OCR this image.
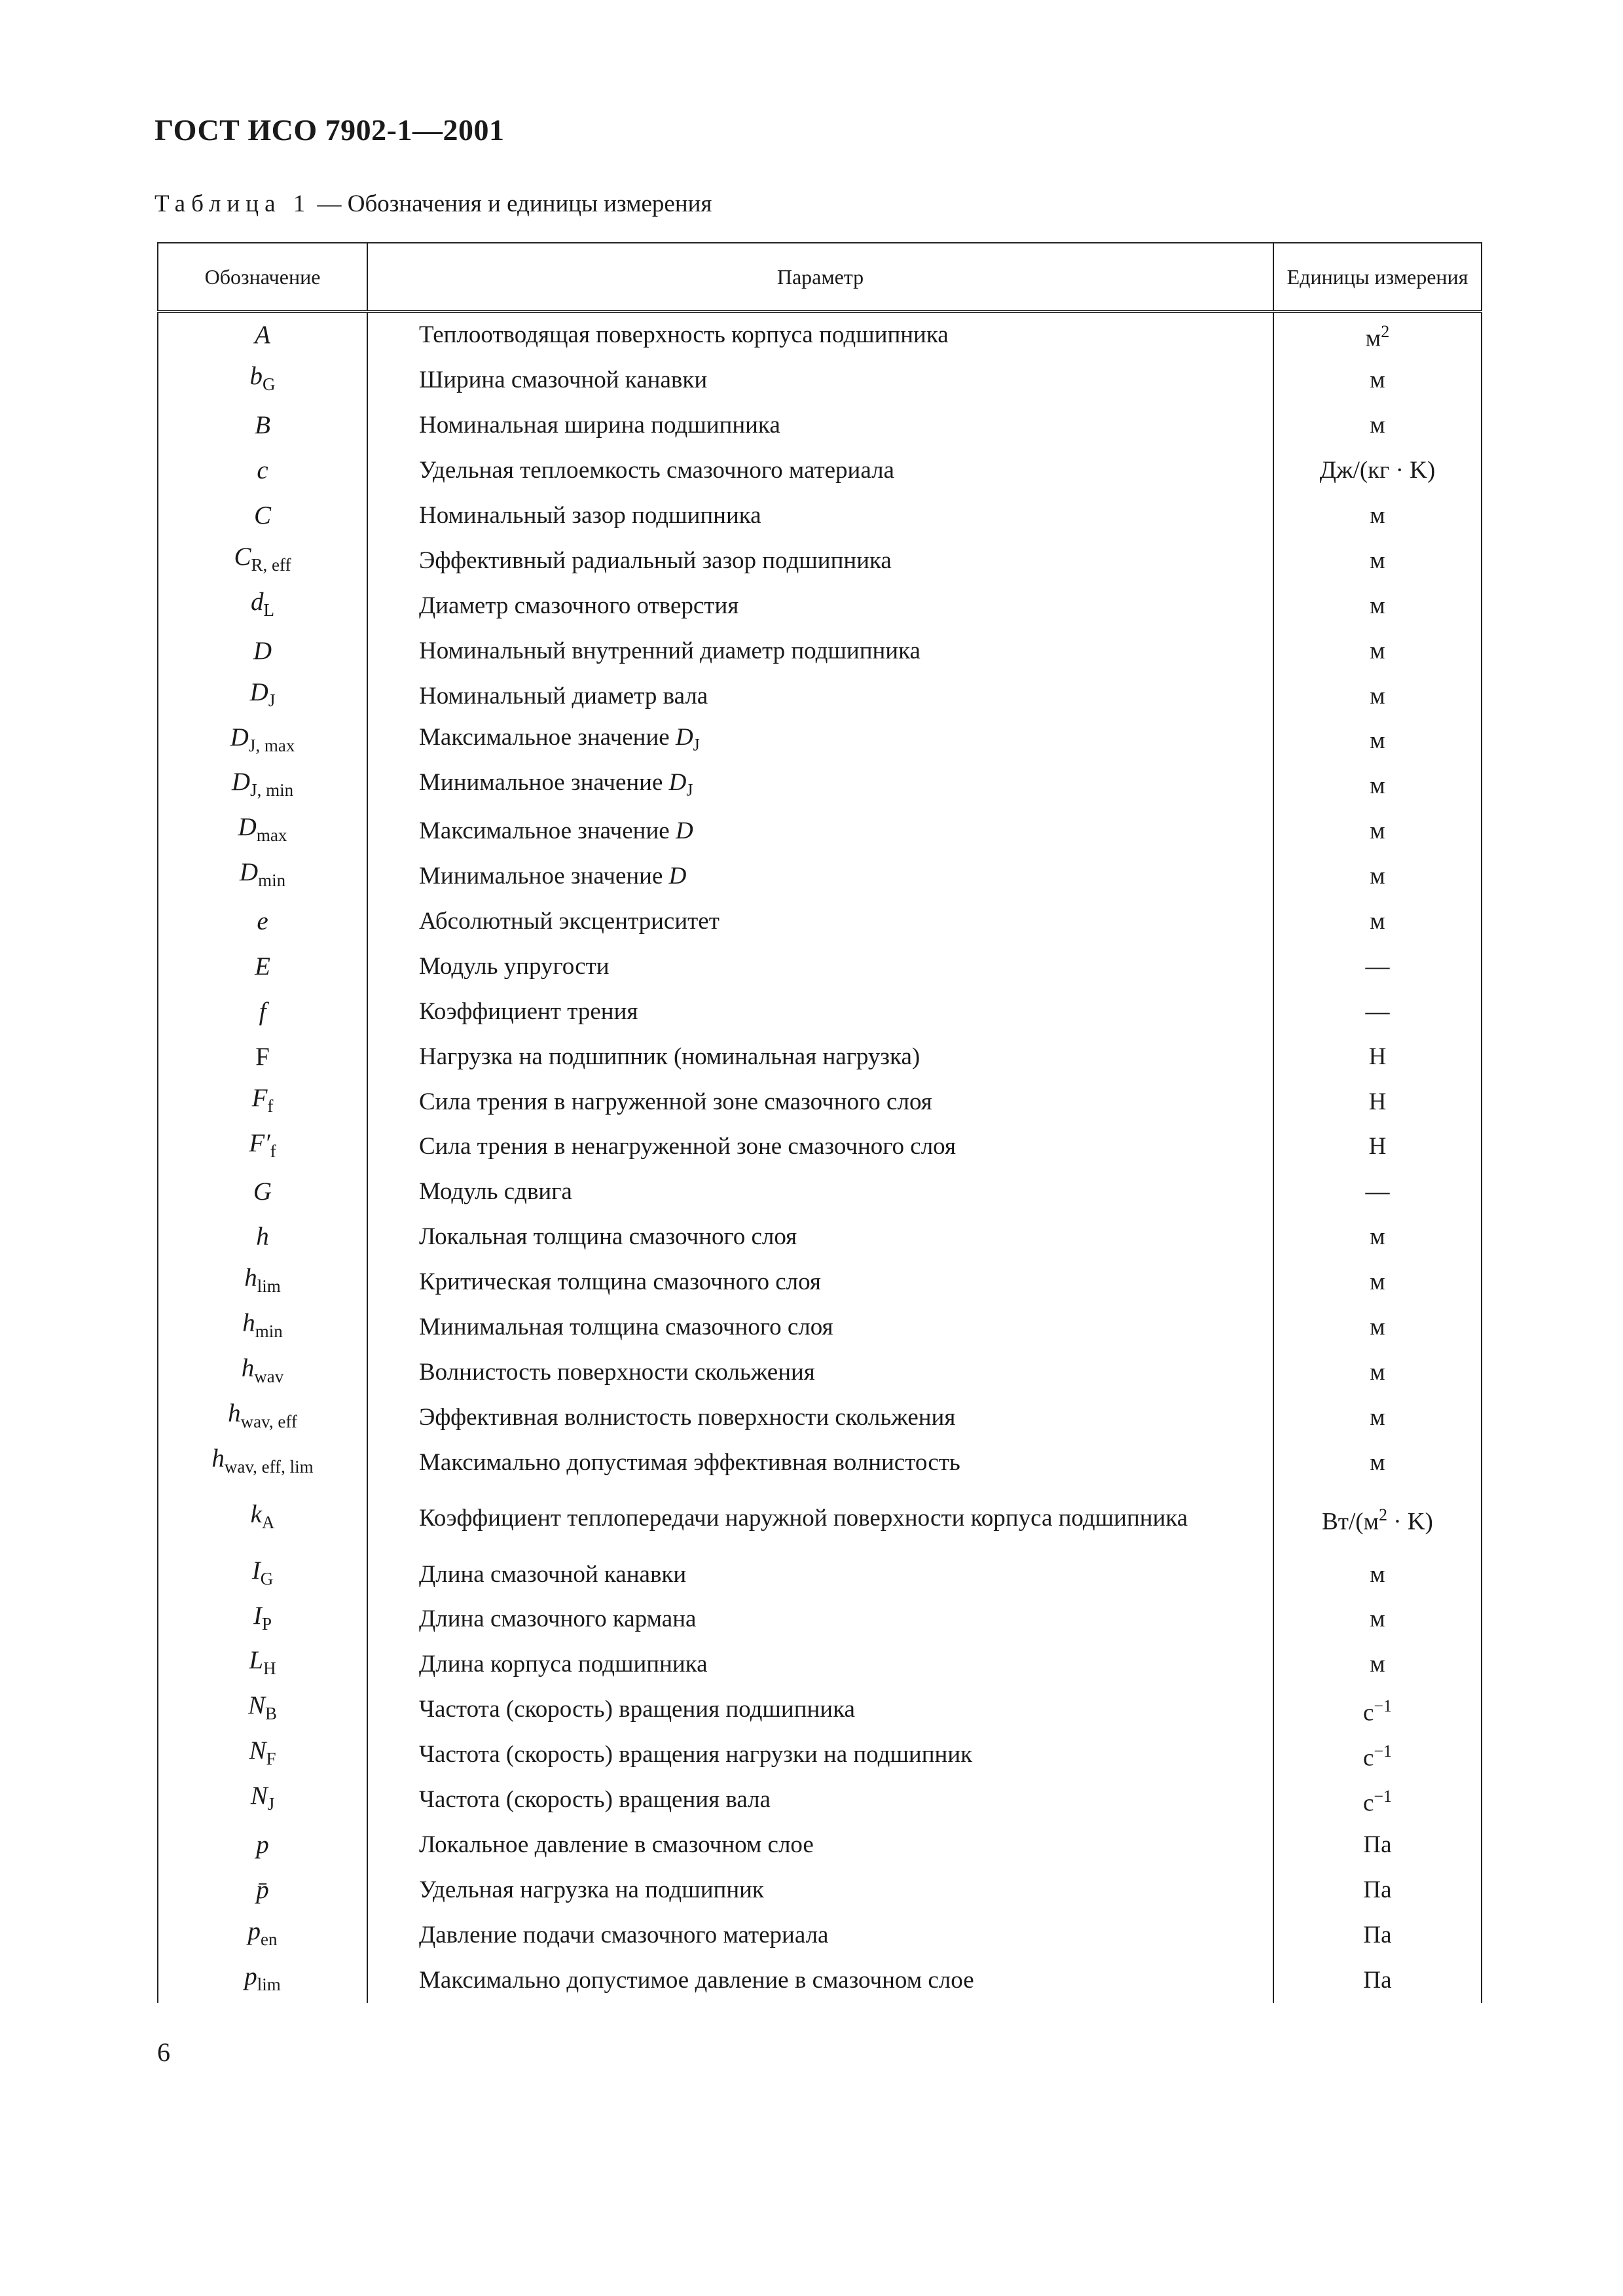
ГОСТ ИСО 7902-1—2001
Таблица 1 — Обозначения и единицы измерения
Обозначение	Параметр	Единицы измерения
A	Теплоотводящая поверхность корпуса подшипника	$м^2$
$b_G$	Ширина смазочной канавки	м
B	Номинальная ширина подшипника	м
c	Удельная теплоемкость смазочного материала	Дж/(кг · K)
C	Номинальный зазор подшипника	м
$C_{R, eff}$	Эффективный радиальный зазор подшипника	м
$d_L$	Диаметр смазочного отверстия	м
D	Номинальный внутренний диаметр подшипника	м
$D_J$	Номинальный диаметр вала	м
$D_{J, max}$	Максимальное значение $D_J$	м
$D_{J, min}$	Минимальное значение $D_J$	м
$D_{max}$	Максимальное значение D	м
$D_{min}$	Минимальное значение D	м
e	Абсолютный эксцентриситет	м
E	Модуль упругости	—
f	Коэффициент трения	—
F	Нагрузка на подшипник (номинальная нагрузка)	Н
$F_f$	Сила трения в нагруженной зоне смазочного слоя	Н
$F'_f$	Сила трения в ненагруженной зоне смазочного слоя	Н
G	Модуль сдвига	—
h	Локальная толщина смазочного слоя	м
$h_{lim}$	Критическая толщина смазочного слоя	м
$h_{min}$	Минимальная толщина смазочного слоя	м
$h_{wav}$	Волнистость поверхности скольжения	м
$h_{wav, eff}$	Эффективная волнистость поверхности скольжения	м
$h_{wav, eff, lim}$	Максимально допустимая эффективная волнистость	м
$k_A$	Коэффициент теплопередачи наружной поверхности корпуса подшипника	$Вт/(м^2 \cdot K)$
$I_G$	Длина смазочной канавки	м
$I_P$	Длина смазочного кармана	м
$L_H$	Длина корпуса подшипника	м
$N_B$	Частота (скорость) вращения подшипника	$с^{-1}$
$N_F$	Частота (скорость) вращения нагрузки на подшипник	$с^{-1}$
$N_J$	Частота (скорость) вращения вала	$с^{-1}$
p	Локальное давление в смазочном слое	Па
p̄	Удельная нагрузка на подшипник	Па
$p_{en}$	Давление подачи смазочного материала	Па
$p_{lim}$	Максимально допустимое давление в смазочном слое	Па
6
